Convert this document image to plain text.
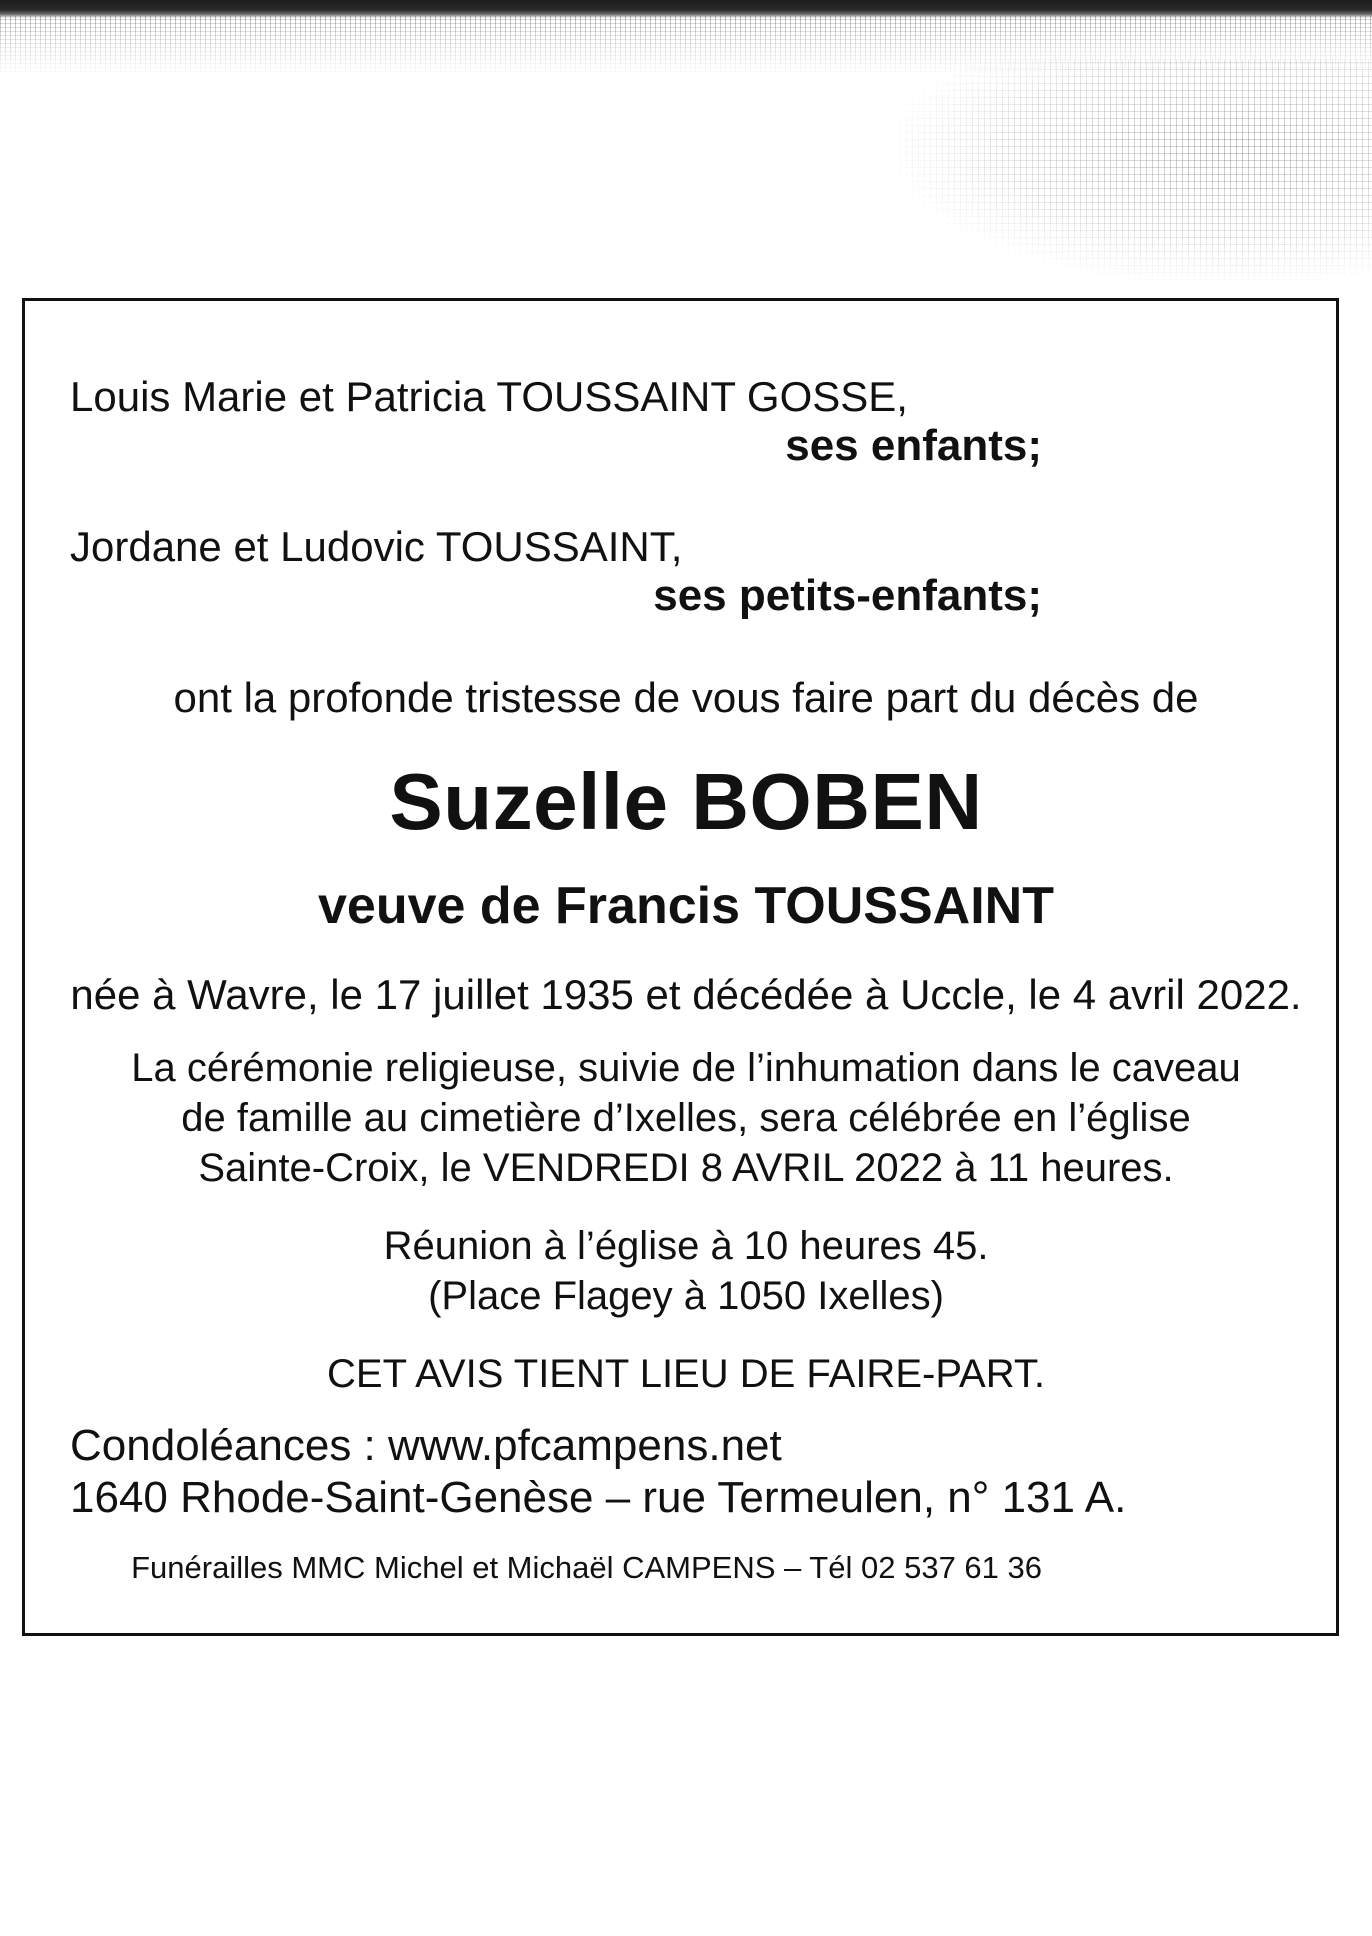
Louis Marie et Patricia TOUSSAINT GOSSE,
ses enfants;
Jordane et Ludovic TOUSSAINT,
ses petits-enfants;
ont la profonde tristesse de vous faire part du décès de
Suzelle BOBEN
veuve de Francis TOUSSAINT
née à Wavre, le 17 juillet 1935 et décédée à Uccle, le 4 avril 2022.
La cérémonie religieuse, suivie de l’inhumation dans le caveau
de famille au cimetière d’Ixelles, sera célébrée en l’église
Sainte-Croix, le VENDREDI 8 AVRIL 2022 à 11 heures.
Réunion à l’église à 10 heures 45.
(Place Flagey à 1050 Ixelles)
CET AVIS TIENT LIEU DE FAIRE-PART.
Condoléances : www.pfcampens.net
1640 Rhode-Saint-Genèse – rue Termeulen, n° 131 A.
Funérailles MMC Michel et Michaël CAMPENS – Tél 02 537 61 36
